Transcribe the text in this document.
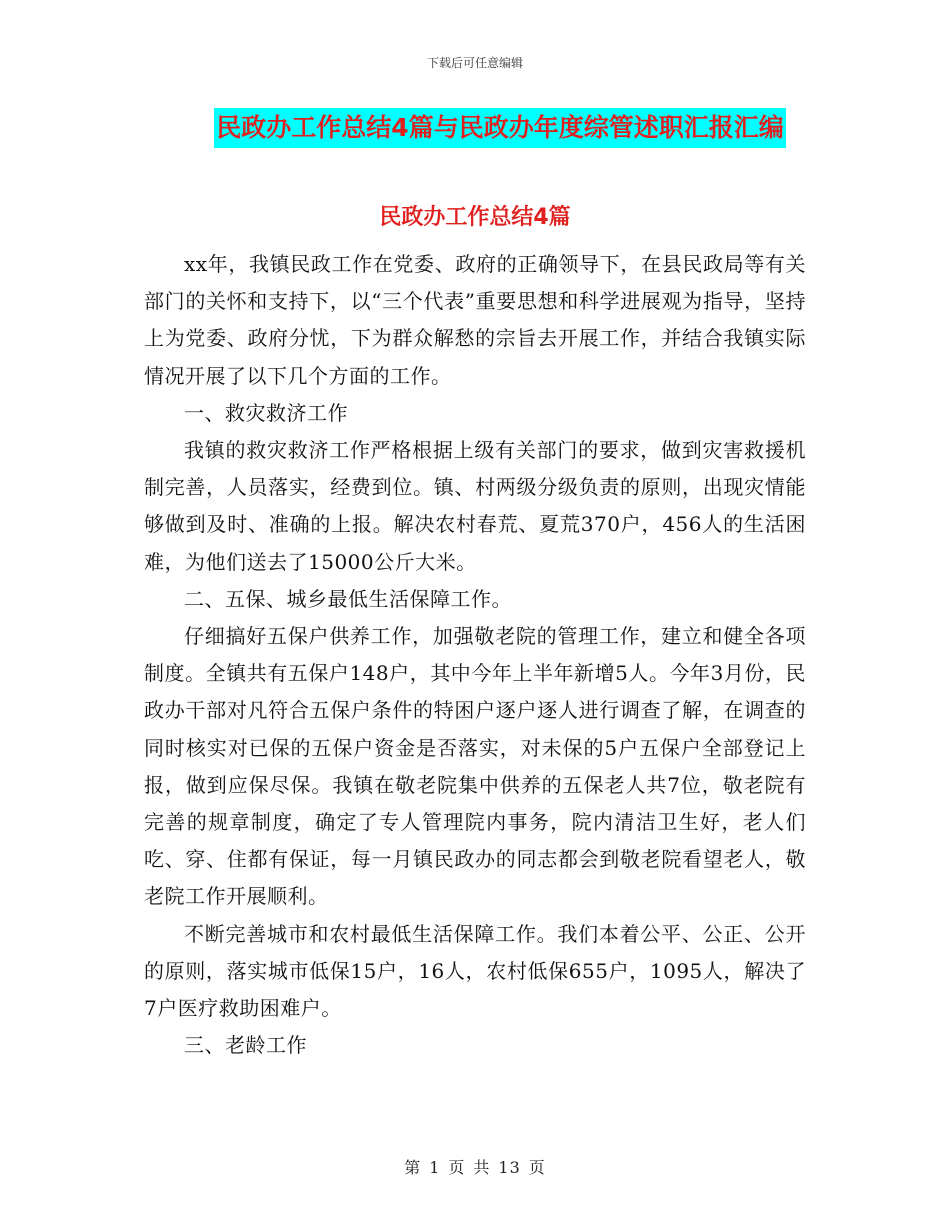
下载后可任意编辑
民政办工作总结4篇与民政办年度综管述职汇报汇编
民政办工作总结4篇

xx年，我镇民政工作在党委、政府的正确领导下，在县民政局等有关部门的关怀和支持下，以“三个代表”重要思想和科学进展观为指导，坚持上为党委、政府分忧，下为群众解愁的宗旨去开展工作，并结合我镇实际情况开展了以下几个方面的工作。

一、救灾救济工作

我镇的救灾救济工作严格根据上级有关部门的要求，做到灾害救援机制完善，人员落实，经费到位。镇、村两级分级负责的原则，出现灾情能够做到及时、准确的上报。解决农村春荒、夏荒370户，456人的生活困难，为他们送去了15000公斤大米。

二、五保、城乡最低生活保障工作。

仔细搞好五保户供养工作，加强敬老院的管理工作，建立和健全各项制度。全镇共有五保户148户，其中今年上半年新增5人。今年3月份，民政办干部对凡符合五保户条件的特困户逐户逐人进行调查了解，在调查的同时核实对已保的五保户资金是否落实，对未保的5户五保户全部登记上报，做到应保尽保。我镇在敬老院集中供养的五保老人共7位，敬老院有完善的规章制度，确定了专人管理院内事务，院内清洁卫生好，老人们吃、穿、住都有保证，每一月镇民政办的同志都会到敬老院看望老人，敬老院工作开展顺利。

不断完善城市和农村最低生活保障工作。我们本着公平、公正、公开的原则，落实城市低保15户，16人，农村低保655户，1095人，解决了7户医疗救助困难户。

三、老龄工作

第 1 页 共 13 页
